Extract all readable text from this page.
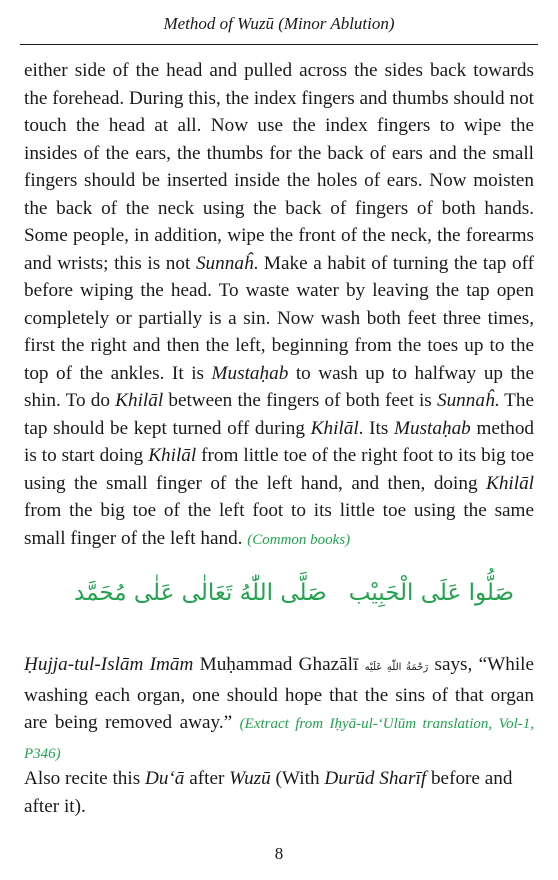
Method of Wuzū (Minor Ablution)

either side of the head and pulled across the sides back towards the forehead. During this, the index fingers and thumbs should not touch the head at all. Now use the index fingers to wipe the insides of the ears, the thumbs for the back of ears and the small fingers should be inserted inside the holes of ears. Now moisten the back of the neck using the back of fingers of both hands. Some people, in addition, wipe the front of the neck, the forearms and wrists; this is not Sunnaĥ. Make a habit of turning the tap off before wiping the head. To waste water by leaving the tap open completely or partially is a sin. Now wash both feet three times, first the right and then the left, beginning from the toes up to the top of the ankles. It is Mustaḥab to wash up to halfway up the shin. To do Khilāl between the fingers of both feet is Sunnaĥ. The tap should be kept turned off during Khilāl. Its Mustaḥab method is to start doing Khilāl from little toe of the right foot to its big toe using the small finger of the left hand, and then, doing Khilāl from the big toe of the left foot to its little toe using the same small finger of the left hand. (Common books)

صَلُّوا عَلَى الْحَبِيْب
صَلَّى اللّٰهُ تَعَالٰى عَلٰى مُحَمَّد

Ḥujja-tul-Islām Imām Muḥammad Ghazālī رَحْمَةُ اللّٰهِ عَلَيْه says, “While washing each organ, one should hope that the sins of that organ are being removed away.” (Extract from Iḥyā-ul-‘Ulūm translation, Vol-1, P346)

Also recite this Du‘ā after Wuzū (With Durūd Sharīf before and after it).

8
